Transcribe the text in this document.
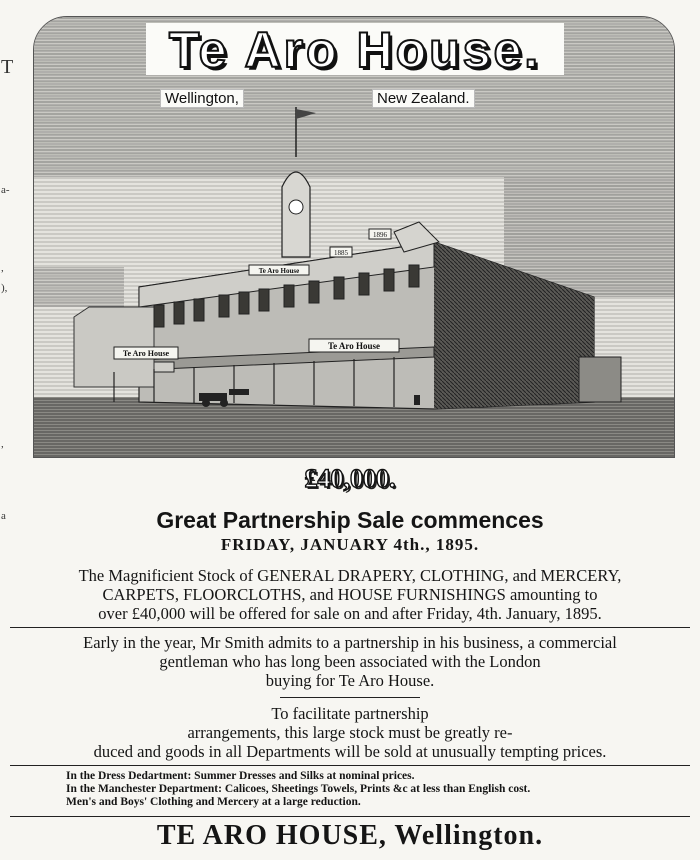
T
a-
,
),
,
a
Te Aro House
Te Aro House
Te Aro House
1896
1885
Te Aro House.
Wellington,	New Zealand.
£40,000.
Great Partnership Sale commences
FRIDAY, JANUARY 4th., 1895.
The Magnificient Stock of GENERAL DRAPERY, CLOTHING, and MERCERY,
CARPETS, FLOORCLOTHS, and HOUSE FURNISHINGS amounting to
over £40,000 will be offered for sale on and after Friday, 4th. January, 1895.
Early in the year, Mr Smith admits to a partnership in his business, a commercial
gentleman who has long been associated with the London
buying for Te Aro House.
To facilitate partnership
arrangements, this large stock must be greatly re-
duced and goods in all Departments will be sold at unusually tempting prices.
In the Dress Dedartment: Summer Dresses and Silks at nominal prices.
In the Manchester Department: Calicoes, Sheetings Towels, Prints &c at less than English cost.
Men's and Boys' Clothing and Mercery at a large reduction.
TE ARO HOUSE, Wellington.
